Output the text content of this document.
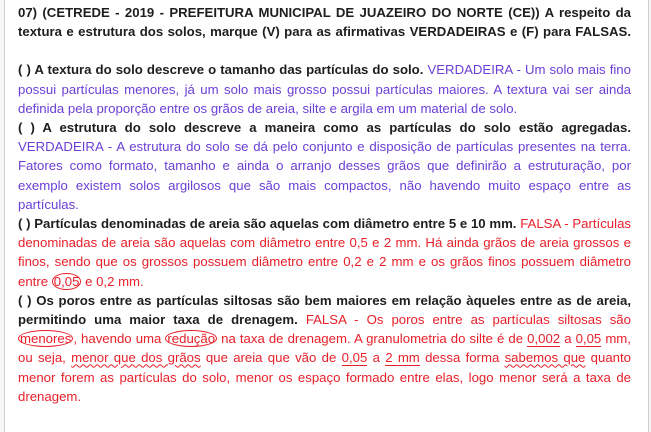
07) (CETREDE - 2019 - PREFEITURA MUNICIPAL DE JUAZEIRO DO NORTE (CE)) A respeito da textura e estrutura dos solos, marque (V) para as afirmativas VERDADEIRAS e (F) para FALSAS.

( ) A textura do solo descreve o tamanho das partículas do solo. VERDADEIRA - Um solo mais fino possui partículas menores, já um solo mais grosso possui partículas maiores. A textura vai ser ainda definida pela proporção entre os grãos de areia, silte e argila em um material de solo.

( ) A estrutura do solo descreve a maneira como as partículas do solo estão agregadas. VERDADEIRA - A estrutura do solo se dá pelo conjunto e disposição de partículas presentes na terra. Fatores como formato, tamanho e ainda o arranjo desses grãos que definirão a estruturação, por exemplo existem solos argilosos que são mais compactos, não havendo muito espaço entre as partículas.

( ) Partículas denominadas de areia são aquelas com diâmetro entre 5 e 10 mm. FALSA - Partículas denominadas de areia são aquelas com diâmetro entre 0,5 e 2 mm. Há ainda grãos de areia grossos e finos, sendo que os grossos possuem diâmetro entre 0,2 e 2 mm e os grãos finos possuem diâmetro entre 0,05 e 0,2 mm.

( ) Os poros entre as partículas siltosas são bem maiores em relação àqueles entre as de areia, permitindo uma maior taxa de drenagem. FALSA - Os poros entre as partículas siltosas são menores , havendo uma redução na taxa de drenagem. A granulometria do silte é de 0,002 a 0,05 mm, ou seja, menor que dos grãos que areia que vão de 0,05 a 2 mm dessa forma sabemos que quanto menor forem as partículas do solo, menor os espaço formado entre elas, logo menor será a taxa de drenagem.
